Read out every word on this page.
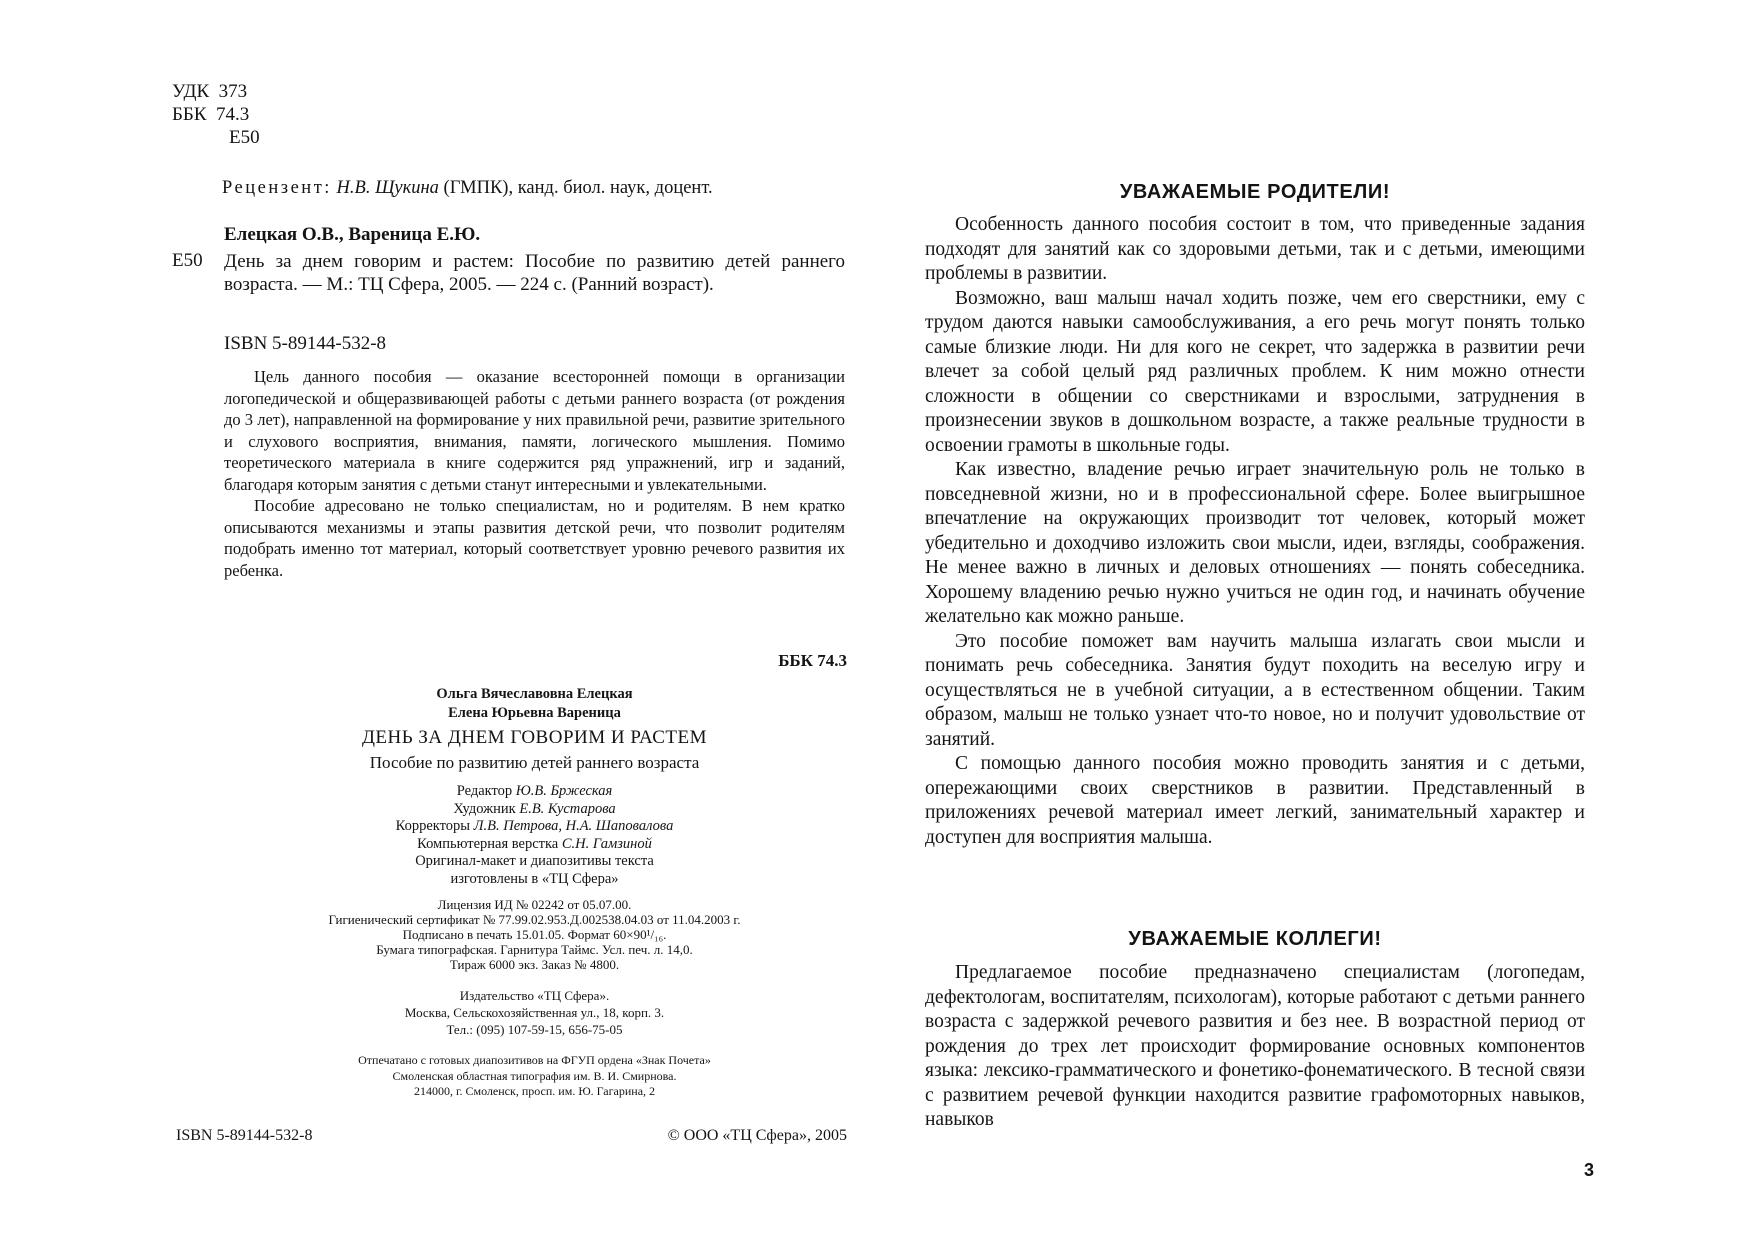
УДК  373
ББК  74.3
Е50
Рецензент: Н.В. Щукина (ГМПК), канд. биол. наук, доцент.
Елецкая О.В., Вареница Е.Ю.
Е50 День за днем говорим и растем: Пособие по развитию детей раннего возраста. — М.: ТЦ Сфера, 2005. — 224 с. (Ранний возраст).
ISBN 5-89144-532-8

Цель данного пособия — оказание всесторонней помощи в организации логопедической и общеразвивающей работы с детьми раннего возраста (от рождения до 3 лет), направленной на формирование у них правильной речи, развитие зрительного и слухового восприятия, внимания, памяти, логического мышления. Помимо теоретического материала в книге содержится ряд упражнений, игр и заданий, благодаря которым занятия с детьми станут интересными и увлекательными.

Пособие адресовано не только специалистам, но и родителям. В нем кратко описываются механизмы и этапы развития детской речи, что позволит родителям подобрать именно тот материал, который соответствует уровню речевого развития их ребенка.

ББК 74.3
Ольга Вячеславовна Елецкая
Елена Юрьевна Вареница
ДЕНЬ ЗА ДНЕМ ГОВОРИМ И РАСТЕМ
Пособие по развитию детей раннего возраста
Редактор Ю.В. Бржеская
Художник Е.В. Кустарова
Корректоры Л.В. Петрова, Н.А. Шаповалова
Компьютерная верстка С.Н. Гамзиной
Оригинал-макет и диапозитивы текста
изготовлены в «ТЦ Сфера»
Лицензия ИД № 02242 от 05.07.00.
Гигиенический сертификат № 77.99.02.953.Д.002538.04.03 от 11.04.2003 г.
Подписано в печать 15.01.05. Формат 60×90¹/₁₆.
Бумага типографская. Гарнитура Таймс. Усл. печ. л. 14,0.
Тираж 6000 экз. Заказ № 4800.
Издательство «ТЦ Сфера».
Москва, Сельскохозяйственная ул., 18, корп. 3.
Тел.: (095) 107-59-15, 656-75-05
Отпечатано с готовых диапозитивов на ФГУП ордена «Знак Почета»
Смоленская областная типография им. В. И. Смирнова.
214000, г. Смоленск, просп. им. Ю. Гагарина, 2
ISBN 5-89144-532-8	© ООО «ТЦ Сфера», 2005
УВАЖАЕМЫЕ РОДИТЕЛИ!

Особенность данного пособия состоит в том, что приведенные задания подходят для занятий как со здоровыми детьми, так и с детьми, имеющими проблемы в развитии.

Возможно, ваш малыш начал ходить позже, чем его сверстники, ему с трудом даются навыки самообслуживания, а его речь могут понять только самые близкие люди. Ни для кого не секрет, что задержка в развитии речи влечет за собой целый ряд различных проблем. К ним можно отнести сложности в общении со сверстниками и взрослыми, затруднения в произнесении звуков в дошкольном возрасте, а также реальные трудности в освоении грамоты в школьные годы.

Как известно, владение речью играет значительную роль не только в повседневной жизни, но и в профессиональной сфере. Более выигрышное впечатление на окружающих производит тот человек, который может убедительно и доходчиво изложить свои мысли, идеи, взгляды, соображения. Не менее важно в личных и деловых отношениях — понять собеседника. Хорошему владению речью нужно учиться не один год, и начинать обучение желательно как можно раньше.

Это пособие поможет вам научить малыша излагать свои мысли и понимать речь собеседника. Занятия будут походить на веселую игру и осуществляться не в учебной ситуации, а в естественном общении. Таким образом, малыш не только узнает что-то новое, но и получит удовольствие от занятий.

С помощью данного пособия можно проводить занятия и с детьми, опережающими своих сверстников в развитии. Представленный в приложениях речевой материал имеет легкий, занимательный характер и доступен для восприятия малыша.

УВАЖАЕМЫЕ КОЛЛЕГИ!

Предлагаемое пособие предназначено специалистам (логопедам, дефектологам, воспитателям, психологам), которые работают с детьми раннего возраста с задержкой речевого развития и без нее. В возрастной период от рождения до трех лет происходит формирование основных компонентов языка: лексико-грамматического и фонетико-фонематического. В тесной связи с развитием речевой функции находится развитие графомоторных навыков, навыков

3
